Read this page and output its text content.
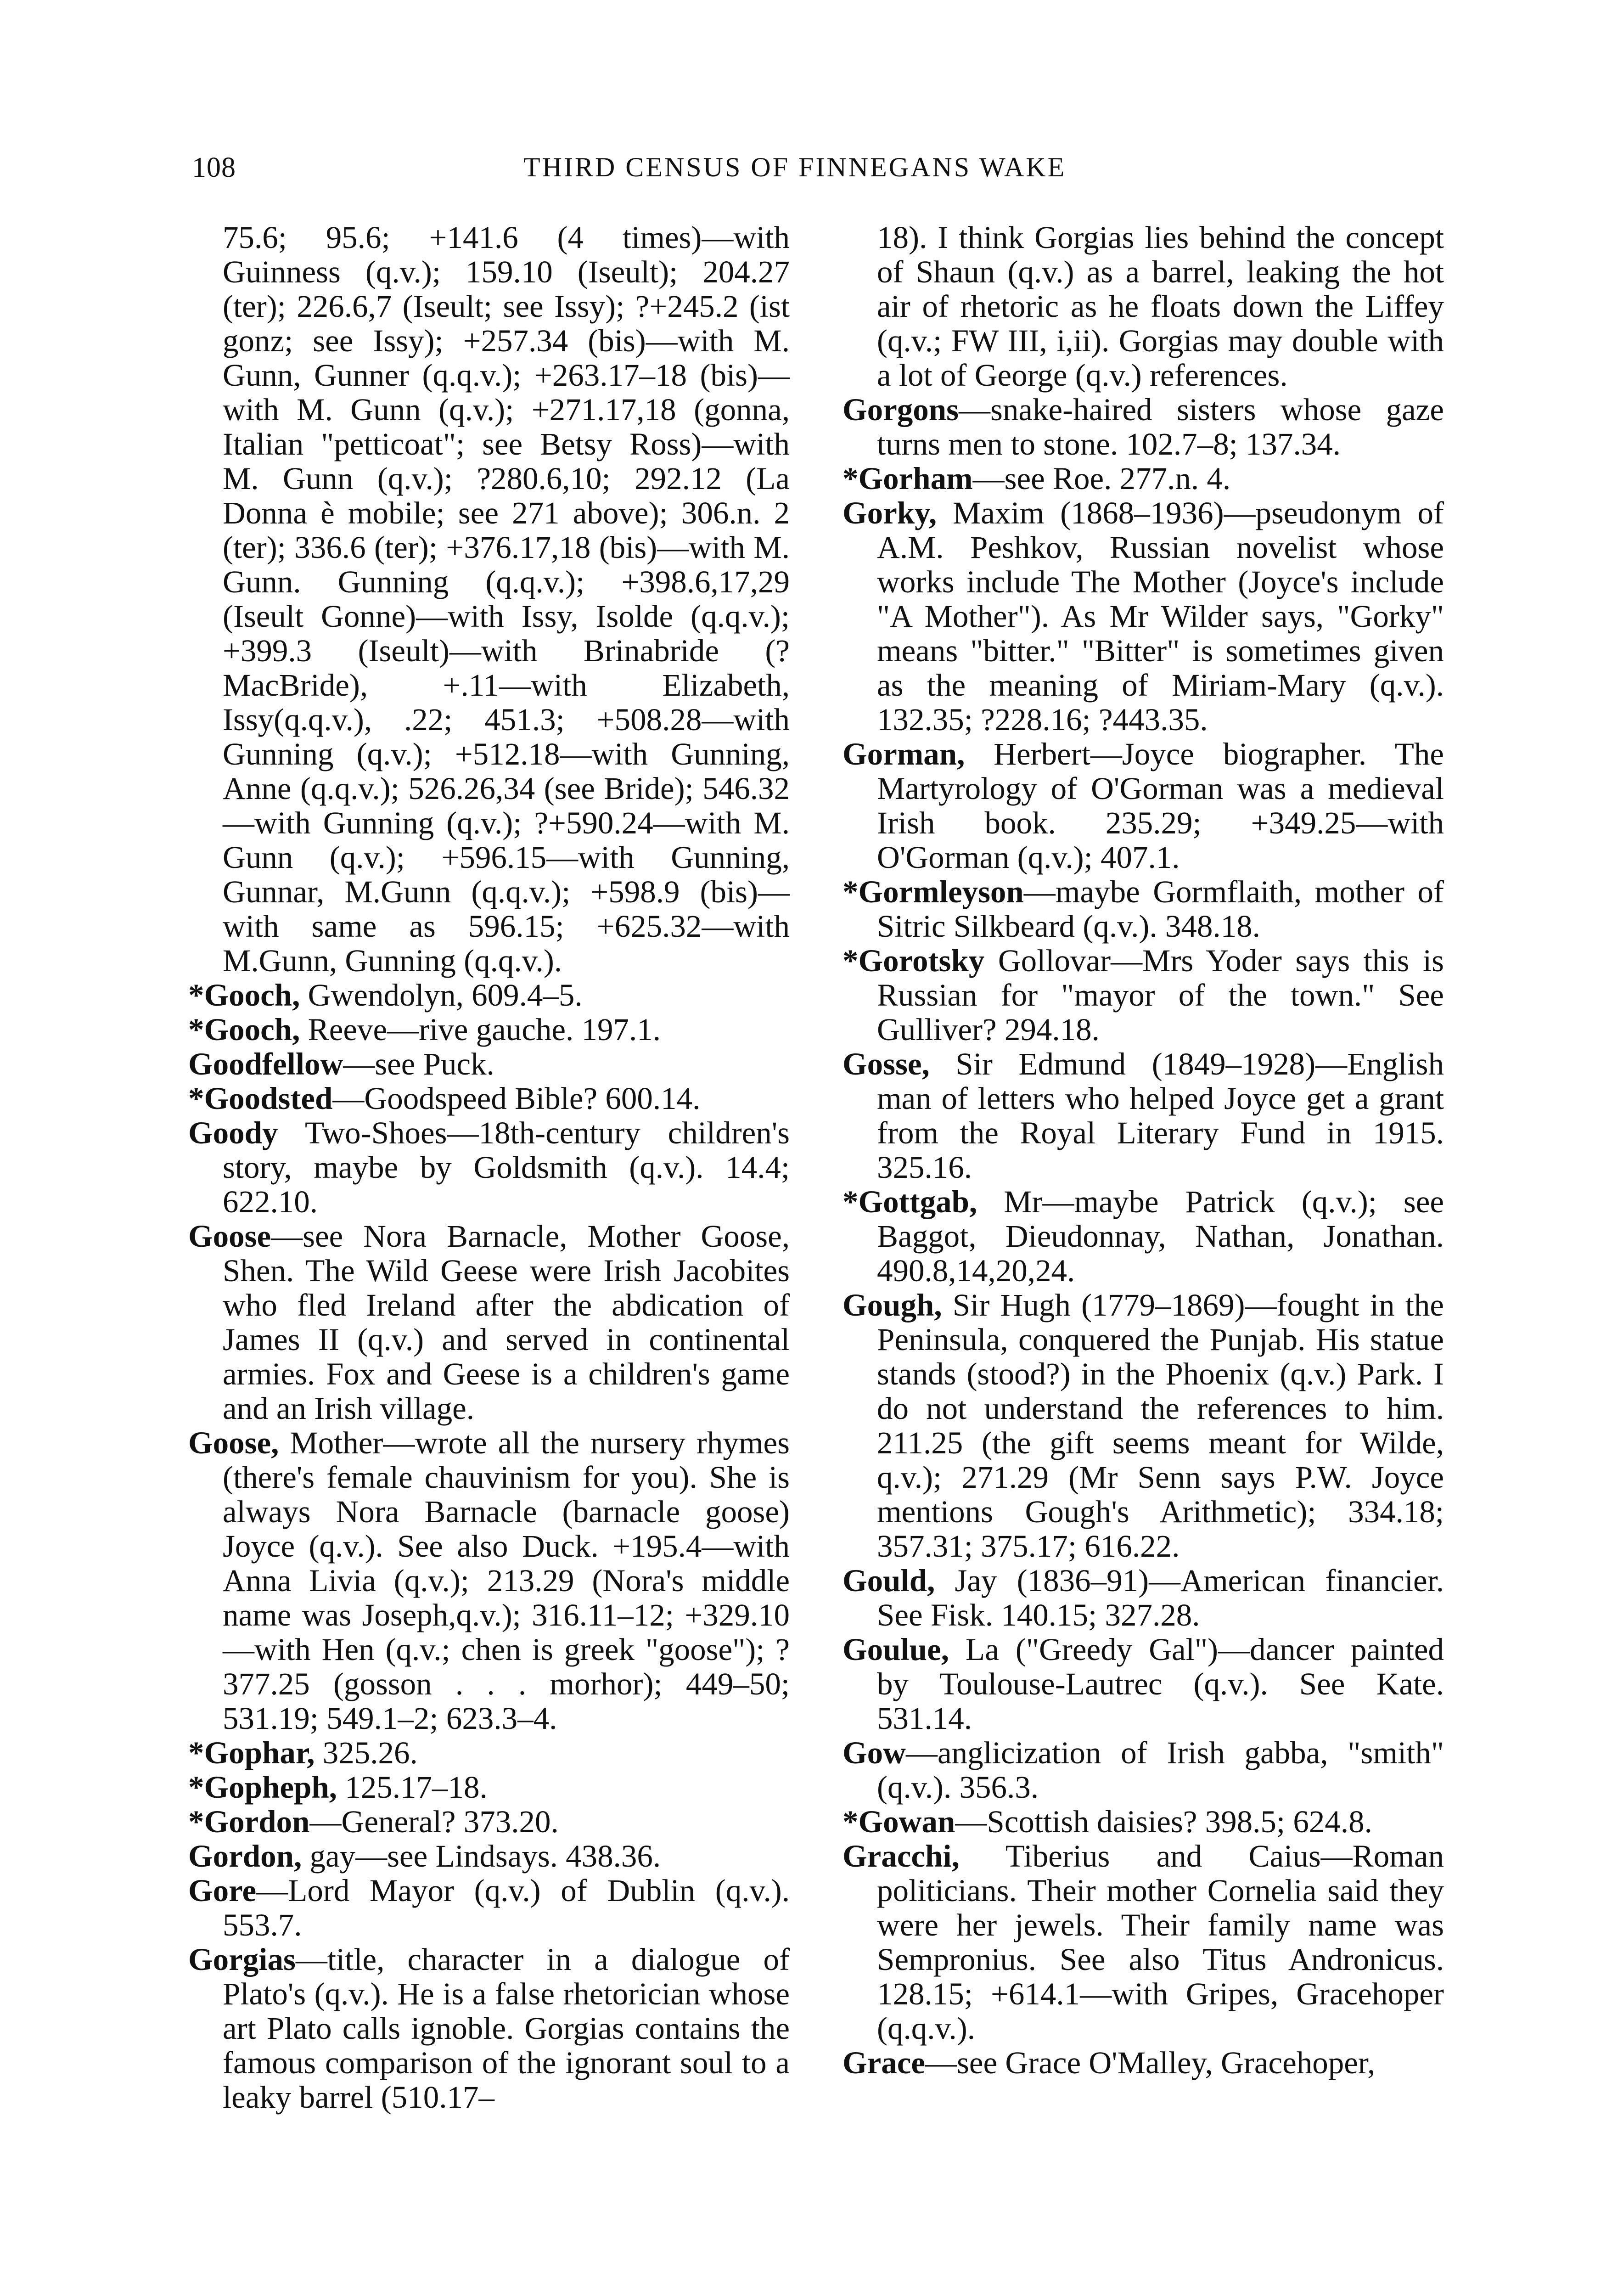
108	THIRD CENSUS OF FINNEGANS WAKE

75.6; 95.6; +141.6 (4 times)—with Guinness (q.v.); 159.10 (Iseult); 204.27 (ter); 226.6,7 (Iseult; see Issy); ?+245.2 (ist gonz; see Issy); +257.34 (bis)—with M. Gunn, Gunner (q.q.v.); +263.17–18 (bis)—with M. Gunn (q.v.); +271.17,18 (gonna, Italian "petticoat"; see Betsy Ross)—with M. Gunn (q.v.); ?280.6,10; 292.12 (La Donna è mobile; see 271 above); 306.n. 2 (ter); 336.6 (ter); +376.17,18 (bis)—with M. Gunn. Gunning (q.q.v.); +398.6,17,29 (Iseult Gonne)—with Issy, Isolde (q.q.v.); +399.3 (Iseult)—with Brinabride (?MacBride), +.11—with Elizabeth, Issy(q.q.v.), .22; 451.3; +508.28—with Gunning (q.v.); +512.18—with Gunning, Anne (q.q.v.); 526.26,34 (see Bride); 546.32—with Gunning (q.v.); ?+590.24—with M. Gunn (q.v.); +596.15—with Gunning, Gunnar, M.Gunn (q.q.v.); +598.9 (bis)—with same as 596.15; +625.32—with M.Gunn, Gunning (q.q.v.).

*Gooch, Gwendolyn, 609.4–5.

*Gooch, Reeve—rive gauche. 197.1.

Goodfellow—see Puck.

*Goodsted—Goodspeed Bible? 600.14.

Goody Two-Shoes—18th-century children's story, maybe by Goldsmith (q.v.). 14.4; 622.10.

Goose—see Nora Barnacle, Mother Goose, Shen. The Wild Geese were Irish Jacobites who fled Ireland after the abdication of James II (q.v.) and served in continental armies. Fox and Geese is a children's game and an Irish village.

Goose, Mother—wrote all the nursery rhymes (there's female chauvinism for you). She is always Nora Barnacle (barnacle goose) Joyce (q.v.). See also Duck. +195.4—with Anna Livia (q.v.); 213.29 (Nora's middle name was Joseph,q.v.); 316.11–12; +329.10—with Hen (q.v.; chen is greek "goose"); ?377.25 (gosson . . . morhor); 449–50; 531.19; 549.1–2; 623.3–4.

*Gophar, 325.26.

*Gopheph, 125.17–18.

*Gordon—General? 373.20.

Gordon, gay—see Lindsays. 438.36.

Gore—Lord Mayor (q.v.) of Dublin (q.v.). 553.7.

Gorgias—title, character in a dialogue of Plato's (q.v.). He is a false rhetorician whose art Plato calls ignoble. Gorgias contains the famous comparison of the ignorant soul to a leaky barrel (510.17–

18). I think Gorgias lies behind the concept of Shaun (q.v.) as a barrel, leaking the hot air of rhetoric as he floats down the Liffey (q.v.; FW III, i,ii). Gorgias may double with a lot of George (q.v.) references.

Gorgons—snake-haired sisters whose gaze turns men to stone. 102.7–8; 137.34.

*Gorham—see Roe. 277.n. 4.

Gorky, Maxim (1868–1936)—pseudonym of A.M. Peshkov, Russian novelist whose works include The Mother (Joyce's include "A Mother"). As Mr Wilder says, "Gorky" means "bitter." "Bitter" is sometimes given as the meaning of Miriam-Mary (q.v.). 132.35; ?228.16; ?443.35.

Gorman, Herbert—Joyce biographer. The Martyrology of O'Gorman was a medieval Irish book. 235.29; +349.25—with O'Gorman (q.v.); 407.1.

*Gormleyson—maybe Gormflaith, mother of Sitric Silkbeard (q.v.). 348.18.

*Gorotsky Gollovar—Mrs Yoder says this is Russian for "mayor of the town." See Gulliver? 294.18.

Gosse, Sir Edmund (1849–1928)—English man of letters who helped Joyce get a grant from the Royal Literary Fund in 1915. 325.16.

*Gottgab, Mr—maybe Patrick (q.v.); see Baggot, Dieudonnay, Nathan, Jonathan. 490.8,14,20,24.

Gough, Sir Hugh (1779–1869)—fought in the Peninsula, conquered the Punjab. His statue stands (stood?) in the Phoenix (q.v.) Park. I do not understand the references to him. 211.25 (the gift seems meant for Wilde, q.v.); 271.29 (Mr Senn says P.W. Joyce mentions Gough's Arithmetic); 334.18; 357.31; 375.17; 616.22.

Gould, Jay (1836–91)—American financier. See Fisk. 140.15; 327.28.

Goulue, La ("Greedy Gal")—dancer painted by Toulouse-Lautrec (q.v.). See Kate. 531.14.

Gow—anglicization of Irish gabba, "smith" (q.v.). 356.3.

*Gowan—Scottish daisies? 398.5; 624.8.

Gracchi, Tiberius and Caius—Roman politicians. Their mother Cornelia said they were her jewels. Their family name was Sempronius. See also Titus Andronicus. 128.15; +614.1—with Gripes, Gracehoper (q.q.v.).

Grace—see Grace O'Malley, Gracehoper,
